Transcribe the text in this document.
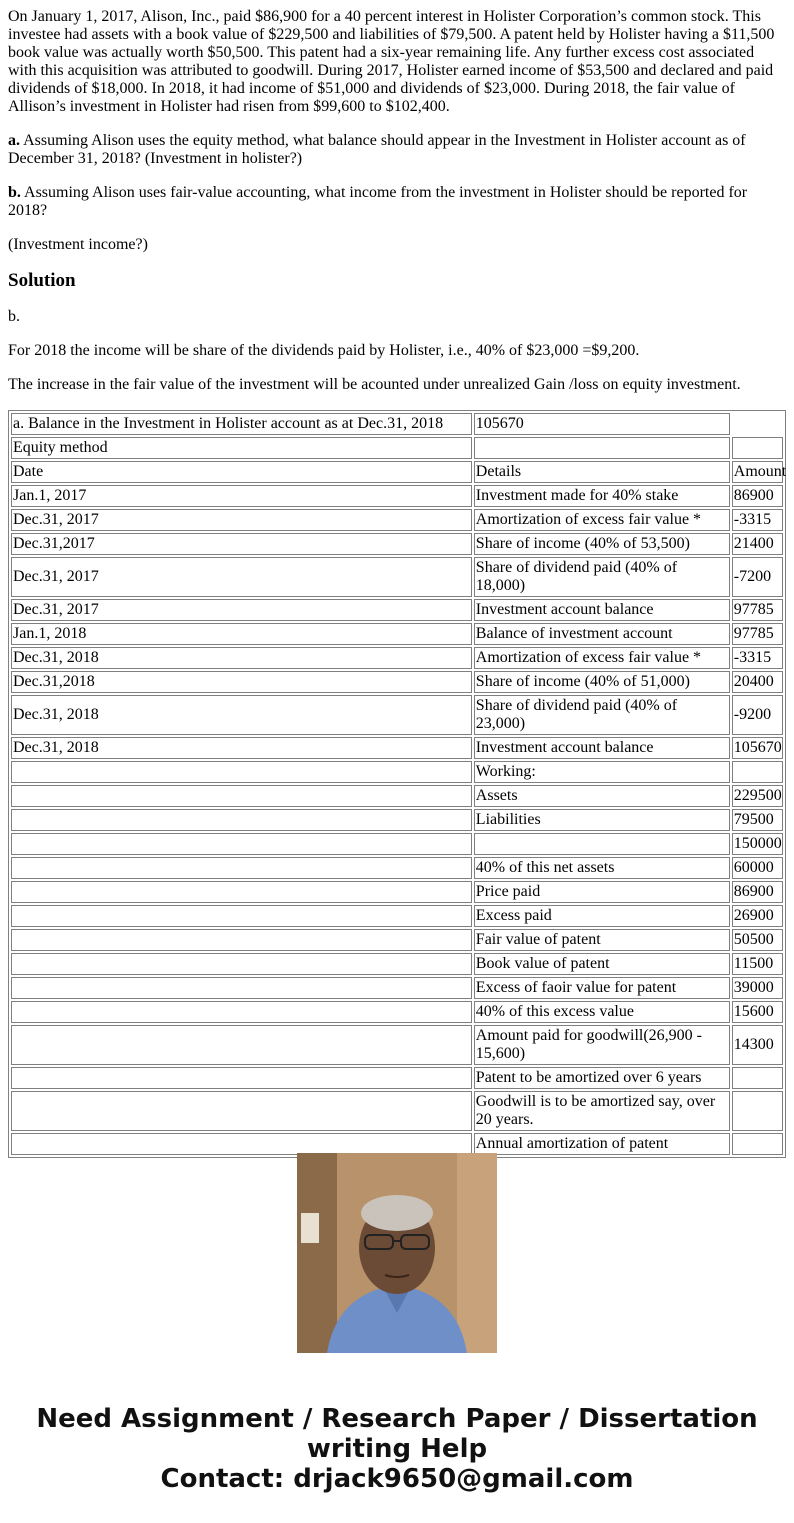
On January 1, 2017, Alison, Inc., paid $86,900 for a 40 percent interest in Holister Corporation’s common stock. This investee had assets with a book value of $229,500 and liabilities of $79,500. A patent held by Holister having a $11,500 book value was actually worth $50,500. This patent had a six-year remaining life. Any further excess cost associated with this acquisition was attributed to goodwill. During 2017, Holister earned income of $53,500 and declared and paid dividends of $18,000. In 2018, it had income of $51,000 and dividends of $23,000. During 2018, the fair value of Allison’s investment in Holister had risen from $99,600 to $102,400.

a. Assuming Alison uses the equity method, what balance should appear in the Investment in Holister account as of December 31, 2018? (Investment in holister?)

b. Assuming Alison uses fair-value accounting, what income from the investment in Holister should be reported for 2018?

(Investment income?)

Solution

b.

For 2018 the income will be share of the dividends paid by Holister, i.e., 40% of $23,000 =$9,200.

The increase in the fair value of the investment will be acounted under unrealized Gain /loss on equity investment.

a. Balance in the Investment in Holister account as at Dec.31, 2018	105670	
Equity method		
Date	Details	Amount
Jan.1, 2017	Investment made for 40% stake	86900
Dec.31, 2017	Amortization of excess fair value *	-3315
Dec.31,2017	Share of income (40% of 53,500)	21400
Dec.31, 2017	Share of dividend paid (40% of 18,000)	-7200
Dec.31, 2017	Investment account balance	97785
Jan.1, 2018	Balance of investment account	97785
Dec.31, 2018	Amortization of excess fair value *	-3315
Dec.31,2018	Share of income (40% of 51,000)	20400
Dec.31, 2018	Share of dividend paid (40% of 23,000)	-9200
Dec.31, 2018	Investment account balance	105670
	Working:	
	Assets	229500
	Liabilities	79500
		150000
	40% of this net assets	60000
	Price paid	86900
	Excess paid	26900
	Fair value of patent	50500
	Book value of patent	11500
	Excess of faoir value for patent	39000
	40% of this excess value	15600
	Amount paid for goodwill(26,900 - 15,600)	14300
	Patent to be amortized over 6 years	
	Goodwill is to be amortized say, over 20 years.	
	Annual amortization of patent	
Need Assignment / Research Paper / Dissertation writing Help
Contact: drjack9650@gmail.com
